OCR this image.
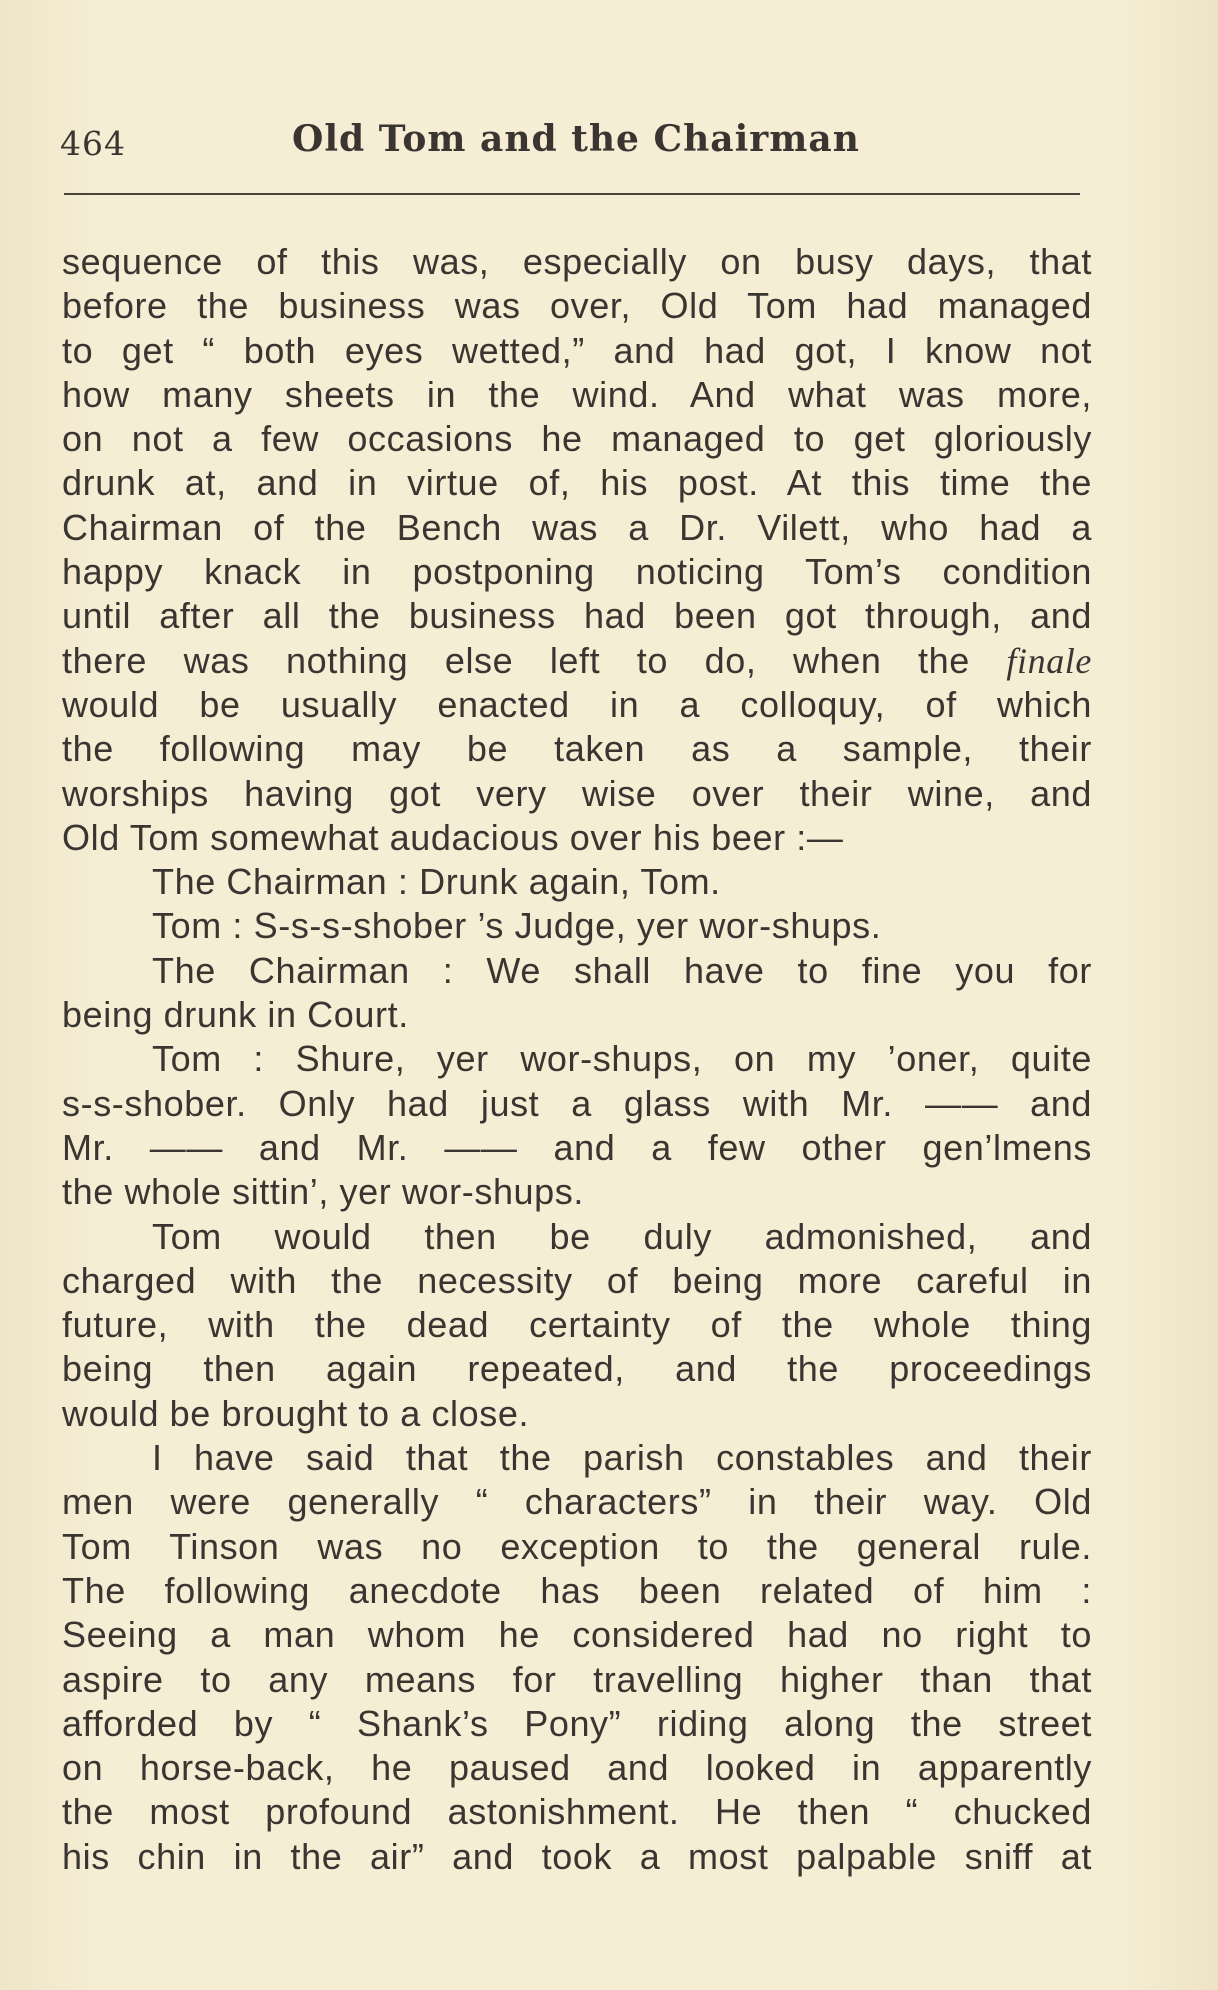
464	Old Tom and the Chairman
sequence of this was, especially on busy days, that
before the business was over, Old Tom had managed
to get “ both eyes wetted,” and had got, I know not
how many sheets in the wind. And what was more,
on not a few occasions he managed to get gloriously
drunk at, and in virtue of, his post. At this time the
Chairman of the Bench was a Dr. Vilett, who had a
happy knack in postponing noticing Tom’s condition
until after all the business had been got through, and
there was nothing else left to do, when the finale
would be usually enacted in a colloquy, of which
the following may be taken as a sample, their
worships having got very wise over their wine, and
Old Tom somewhat audacious over his beer :—
The Chairman : Drunk again, Tom.
Tom : S-s-s-shober ’s Judge, yer wor-shups.
The Chairman : We shall have to fine you for
being drunk in Court.
Tom : Shure, yer wor-shups, on my ’oner, quite
s-s-shober. Only had just a glass with Mr. —— and
Mr. —— and Mr. —— and a few other gen’lmens
the whole sittin’, yer wor-shups.
Tom would then be duly admonished, and
charged with the necessity of being more careful in
future, with the dead certainty of the whole thing
being then again repeated, and the proceedings
would be brought to a close.
I have said that the parish constables and their
men were generally “ characters” in their way. Old
Tom Tinson was no exception to the general rule.
The following anecdote has been related of him :
Seeing a man whom he considered had no right to
aspire to any means for travelling higher than that
afforded by “ Shank’s Pony” riding along the street
on horse-back, he paused and looked in apparently
the most profound astonishment. He then “ chucked
his chin in the air” and took a most palpable sniff at
